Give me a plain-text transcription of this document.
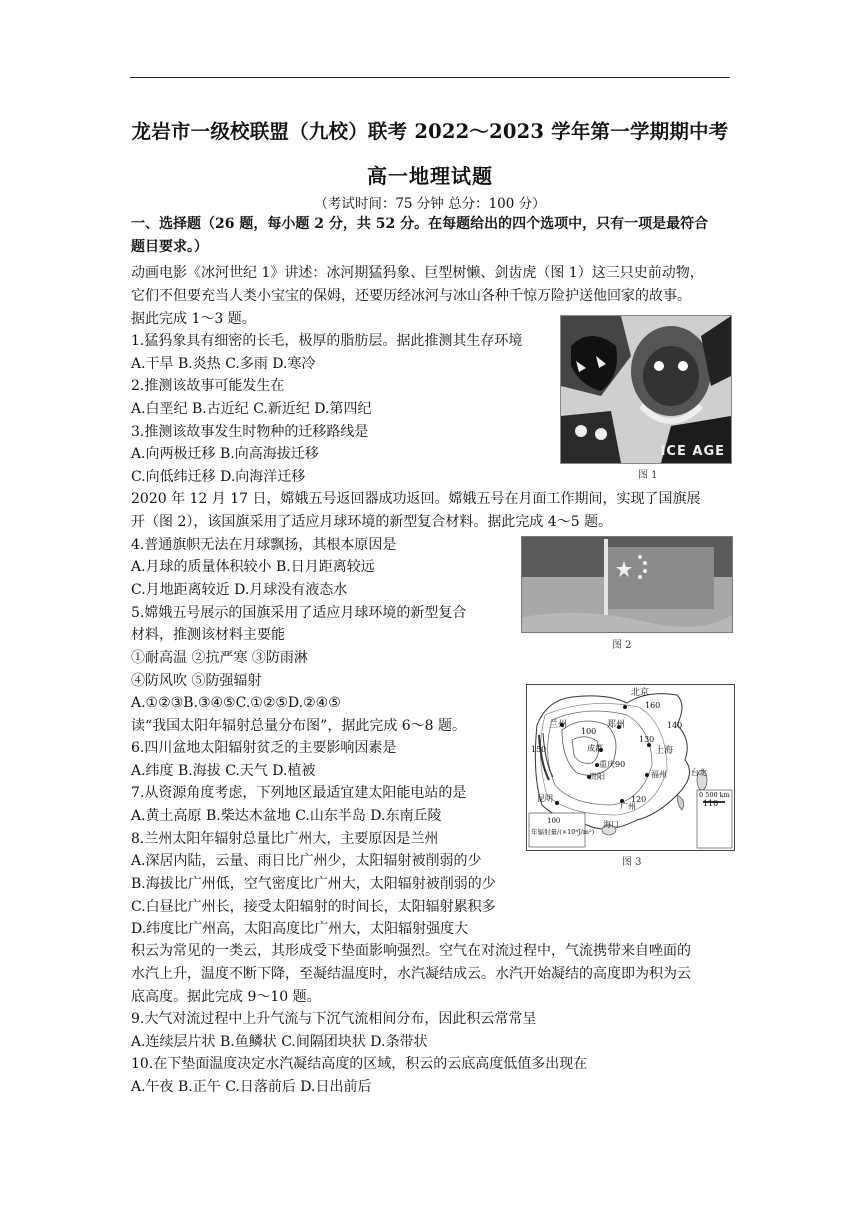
龙岩市一级校联盟（九校）联考 2022～2023 学年第一学期期中考
高一地理试题
（考试时间：75 分钟 总分：100 分）
一、选择题（26 题，每小题 2 分，共 52 分。在每题给出的四个选项中，只有一项是最符合
题目要求。）
动画电影《冰河世纪 1》讲述：冰河期猛犸象、巨型树懒、剑齿虎（图 1）这三只史前动物，
它们不但要充当人类小宝宝的保姆，还要历经冰河与冰山各种千惊万险护送他回家的故事。
据此完成 1～3 题。
1.猛犸象具有细密的长毛，极厚的脂肪层。据此推测其生存环境
A.干旱 B.炎热 C.多雨 D.寒冷
2.推测该故事可能发生在
A.白垩纪 B.古近纪 C.新近纪 D.第四纪
3.推测该故事发生时物种的迁移路线是
A.向两极迁移 B.向高海拔迁移
C.向低纬迁移 D.向海洋迁移
ICE AGE
图 1
2020 年 12 月 17 日，嫦娥五号返回器成功返回。嫦娥五号在月面工作期间，实现了国旗展
开（图 2），该国旗采用了适应月球环境的新型复合材料。据此完成 4～5 题。
4.普通旗帜无法在月球飘扬，其根本原因是
A.月球的质量体积较小 B.日月距离较远
C.月地距离较近 D.月球没有液态水
5.嫦娥五号展示的国旗采用了适应月球环境的新型复合
材料，推测该材料主要能
①耐高温 ②抗严寒 ③防雨淋
④防风吹 ⑤防强辐射
A.①②③B.③④⑤C.①②⑤D.②④⑤
图 2
读“我国太阳年辐射总量分布图”，据此完成 6～8 题。
6.四川盆地太阳辐射贫乏的主要影响因素是
A.纬度 B.海拔 C.天气 D.植被
7.从资源角度考虑，下列地区最适宜建太阳能电站的是
A.黄土高原 B.柴达木盆地 C.山东半岛 D.东南丘陵
8.兰州太阳年辐射总量比广州大，主要原因是兰州
A.深居内陆，云量、雨日比广州少，太阳辐射被削弱的少
B.海拔比广州低，空气密度比广州大，太阳辐射被削弱的少
C.白昼比广州长，接受太阳辐射的时间长，太阳辐射累积多
D.纬度比广州高，太阳高度比广州大，太阳辐射强度大
北京
郑州
上海
兰州
成都
重庆90
贵阳
昆明
广州
福州	台北
海口
160
150
140
130
120	110
100
100
年辐射量/(×10⁸J/m²)
0 500 km
图 3
积云为常见的一类云，其形成受下垫面影响强烈。空气在对流过程中，气流携带来自唑面的
水汽上升，温度不断下降，至凝结温度时，水汽凝结成云。水汽开始凝结的高度即为积为云
底高度。据此完成 9～10 题。
9.大气对流过程中上升气流与下沉气流相间分布，因此积云常常呈
A.连续层片状 B.鱼鳞状 C.间隔团块状 D.条带状
10.在下垫面温度决定水汽凝结高度的区域，积云的云底高度低值多出现在
A.午夜 B.正午 C.日落前后 D.日出前后
